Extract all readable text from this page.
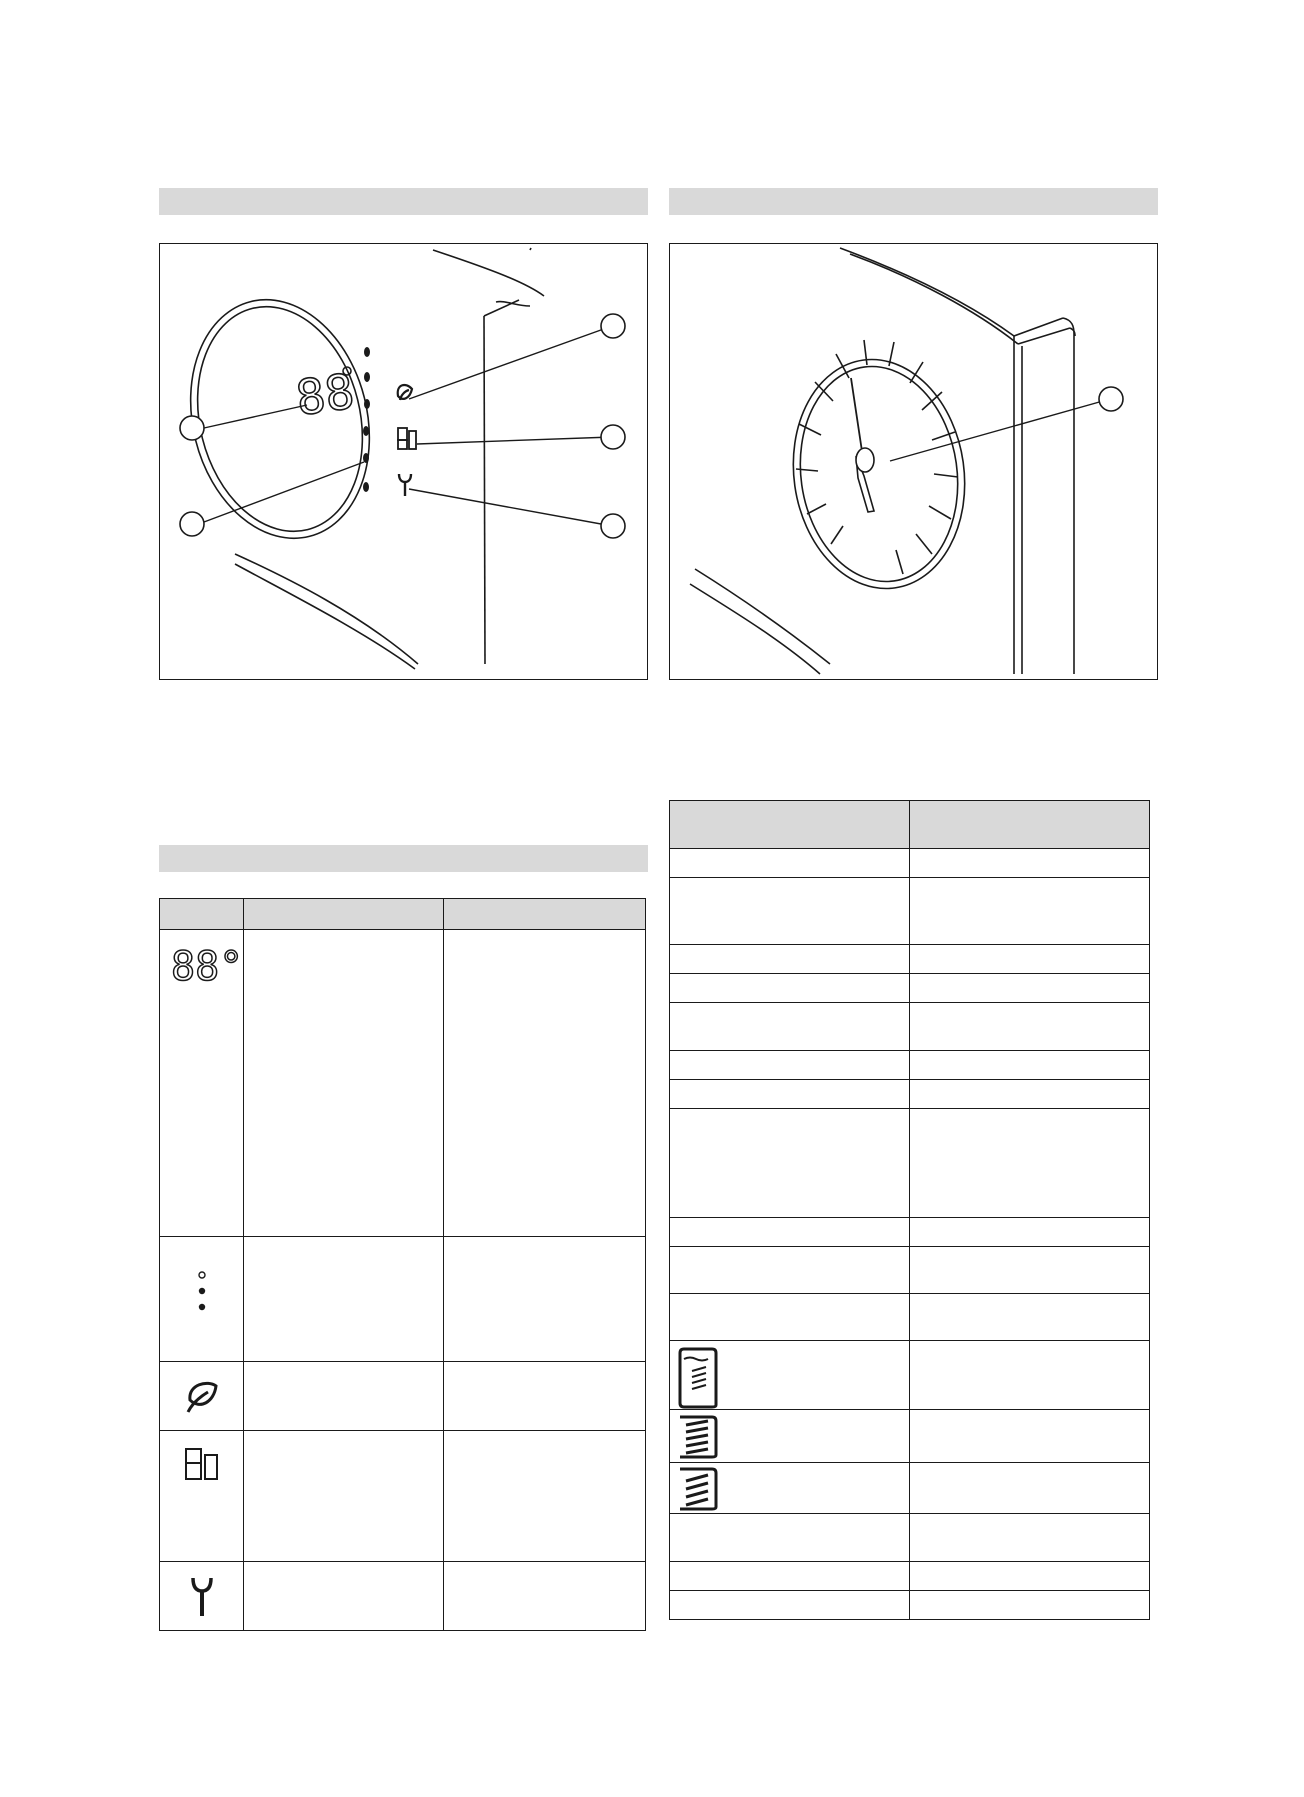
88

88°		
